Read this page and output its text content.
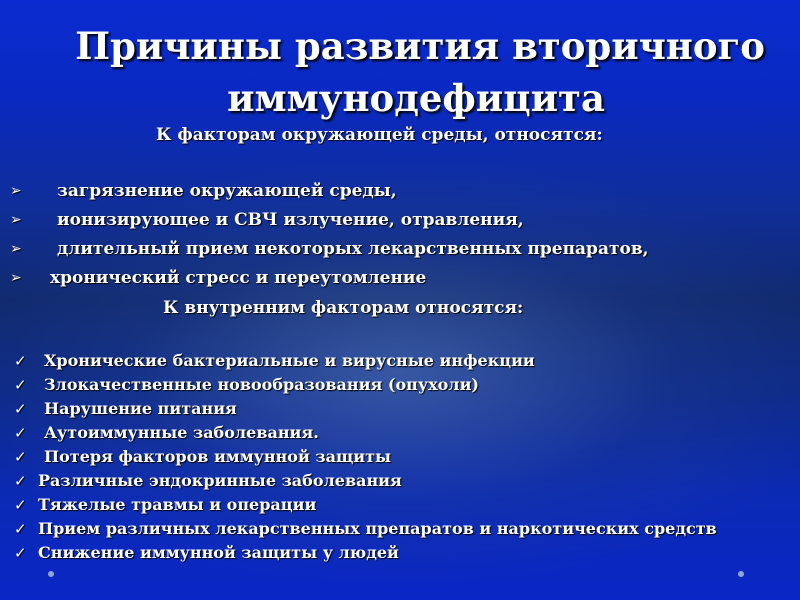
Причины развития вторичного
иммунодефицита
К факторам окружающей среды, относятся:
➢ загрязнение окружающей среды,
➢ ионизирующее и СВЧ излучение, отравления,
➢ длительный прием некоторых лекарственных препаратов,
➢ хронический стресс и переутомление
К внутренним факторам относятся:
✓ Хронические бактериальные и вирусные инфекции
✓ Злокачественные новообразования (опухоли)
✓ Нарушение питания
✓ Аутоиммунные заболевания.
✓ Потеря факторов иммунной защиты
✓ Различные эндокринные заболевания
✓ Тяжелые травмы и операции
✓ Прием различных лекарственных препаратов и наркотических средств
✓ Снижение иммунной защиты у людей
